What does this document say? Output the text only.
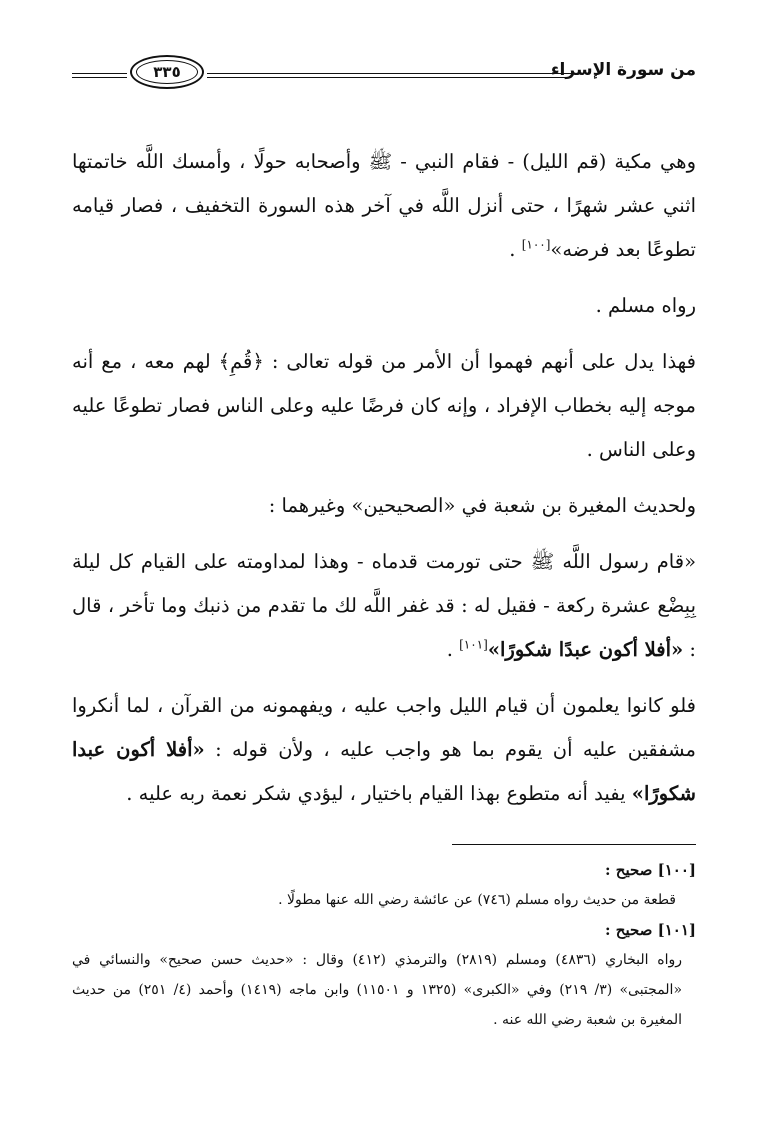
من سورة الإسراء
٣٣٥

وهي مكية (قم الليل) - فقام النبي - ﷺ وأصحابه حولًا ، وأمسك اللَّه خاتمتها اثني عشر شهرًا ، حتى أنزل اللَّه في آخر هذه السورة التخفيف ، فصار قيامه تطوعًا بعد فرضه»[١٠٠] .

رواه مسلم .

فهذا يدل على أنهم فهموا أن الأمر من قوله تعالى : ﴿قُمِ﴾ لهم معه ، مع أنه موجه إليه بخطاب الإفراد ، وإنه كان فرضًا عليه وعلى الناس فصار تطوعًا عليه وعلى الناس .

ولحديث المغيرة بن شعبة في «الصحيحين» وغيرهما :

«قام رسول اللَّه ﷺ حتى تورمت قدماه - وهذا لمداومته على القيام كل ليلة بِبِضْع عشرة ركعة - فقيل له : قد غفر اللَّه لك ما تقدم من ذنبك وما تأخر ، قال : «أفلا أكون عبدًا شكورًا»[١٠١] .

فلو كانوا يعلمون أن قيام الليل واجب عليه ، ويفهمونه من القرآن ، لما أنكروا مشفقين عليه أن يقوم بما هو واجب عليه ، ولأن قوله : «أفلا أكون عبدا شكورًا» يفيد أنه متطوع بهذا القيام باختيار ، ليؤدي شكر نعمة ربه عليه .

[١٠٠] صحيح :
قطعة من حديث رواه مسلم (٧٤٦) عن عائشة رضي الله عنها مطولًا .
[١٠١] صحيح :
رواه البخاري (٤٨٣٦) ومسلم (٢٨١٩) والترمذي (٤١٢) وقال : «حديث حسن صحيح» والنسائي في «المجتبى» (٣/ ٢١٩) وفي «الكبرى» (١٣٢٥ و ١١٥٠١) وابن ماجه (١٤١٩) وأحمد (٤/ ٢٥١) من حديث المغيرة بن شعبة رضي الله عنه .
